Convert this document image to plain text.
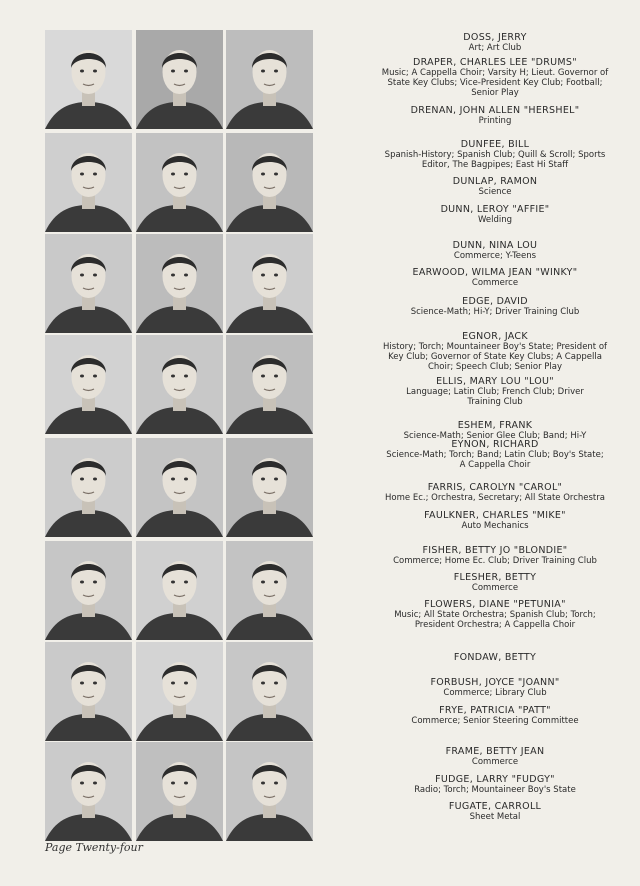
DOSS, JERRY
Art; Art Club
DRAPER, CHARLES LEE "DRUMS"
Music; A Cappella Choir; Varsity H; Lieut. Governor of
State Key Clubs; Vice-President Key Club; Football;
Senior Play
DRENAN, JOHN ALLEN "HERSHEL"
Printing
DUNFEE, BILL
Spanish-History; Spanish Club; Quill & Scroll; Sports
Editor, The Bagpipes; East Hi Staff
DUNLAP, RAMON
Science
DUNN, LEROY "AFFIE"
Welding
DUNN, NINA LOU
Commerce; Y-Teens
EARWOOD, WILMA JEAN "WINKY"
Commerce
EDGE, DAVID
Science-Math; Hi-Y; Driver Training Club
EGNOR, JACK
History; Torch; Mountaineer Boy's State; President of
Key Club; Governor of State Key Clubs; A Cappella
Choir; Speech Club; Senior Play
ELLIS, MARY LOU "LOU"
Language; Latin Club; French Club; Driver
Training Club
ESHEM, FRANK
Science-Math; Senior Glee Club; Band; Hi-Y
EYNON, RICHARD
Science-Math; Torch; Band; Latin Club; Boy's State;
A Cappella Choir
FARRIS, CAROLYN "CAROL"
Home Ec.; Orchestra, Secretary; All State Orchestra
FAULKNER, CHARLES "MIKE"
Auto Mechanics
FISHER, BETTY JO "BLONDIE"
Commerce; Home Ec. Club; Driver Training Club
FLESHER, BETTY
Commerce
FLOWERS, DIANE "PETUNIA"
Music; All State Orchestra; Spanish Club; Torch;
President Orchestra; A Cappella Choir
FONDAW, BETTY
FORBUSH, JOYCE "JOANN"
Commerce; Library Club
FRYE, PATRICIA "PATT"
Commerce; Senior Steering Committee
FRAME, BETTY JEAN
Commerce
FUDGE, LARRY "FUDGY"
Radio; Torch; Mountaineer Boy's State
FUGATE, CARROLL
Sheet Metal
Page Twenty-four
